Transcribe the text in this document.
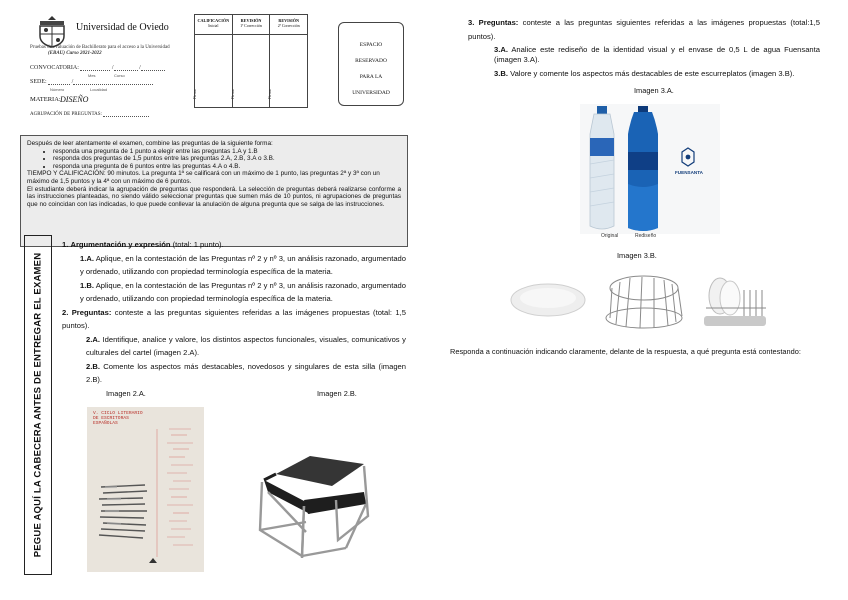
Universidad de Oviedo
Pruebas de evaluación de Bachillerato para el acceso a la Universidad
(EBAU) Curso 2021-2022
CONVOCATORIA:	/	/
Mes	Curso
SEDE:	/
Número	Localidad
MATERIA: DISEÑO
AGRUPACIÓN DE PREGUNTAS:
CALIFICACIÓN
Inicial
Firma
REVISIÓN
1ª Corrección
Firma
REVISIÓN
2ª Corrección
Firma
ESPACIO
RESERVADO
PARA LA
UNIVERSIDAD
Después de leer atentamente el examen, combine las preguntas de la siguiente forma:
• responda una pregunta de 1 punto a elegir entre las preguntas 1.A y 1.B
• responda dos preguntas de 1,5 puntos entre las preguntas 2.A, 2.B, 3.A o 3.B.
• responda una pregunta de 6 puntos entre las preguntas 4.A o 4.B.
TIEMPO Y CALIFICACIÓN: 90 minutos. La pregunta 1ª se calificará con un máximo de 1 punto, las preguntas 2ª y 3ª con un máximo de 1,5 puntos y la 4ª con un máximo de 6 puntos.
El estudiante deberá indicar la agrupación de preguntas que responderá. La selección de preguntas deberá realizarse conforme a las instrucciones planteadas, no siendo válido seleccionar preguntas que sumen más de 10 puntos, ni agrupaciones de preguntas que no coincidan con las indicadas, lo que puede conllevar la anulación de alguna pregunta que se salga de las instrucciones.
PEGUE AQUÍ LA CABECERA ANTES DE ENTREGAR EL EXAMEN
1. Argumentación y expresión (total: 1 punto).
1.A. Aplique, en la contestación de las Preguntas nº 2 y nº 3, un análisis razonado, argumentado y ordenado, utilizando con propiedad terminología específica de la materia.
1.B. Aplique, en la contestación de las Preguntas nº 2 y nº 3, un análisis razonado, argumentado y ordenado, utilizando con propiedad terminología específica de la materia.
2. Preguntas: conteste a las preguntas siguientes referidas a las imágenes propuestas (total: 1,5 puntos).
2.A. Identifique, analice y valore, los distintos aspectos funcionales, visuales, comunicativos y culturales del cartel (imagen 2.A).
2.B. Comente los aspectos más destacables, novedosos y singulares de esta silla (imagen 2.B).
Imagen 2.A.	Imagen 2.B.
V. CICLO LITERARIO
DE ESCRITORAS
ESPAÑOLAS
3. Preguntas: conteste a las preguntas siguientes referidas a las imágenes propuestas (total:1,5 puntos).
3.A. Analice este rediseño de la identidad visual y el envase de 0,5 L de agua Fuensanta (imagen 3.A).
3.B. Valore y comente los aspectos más destacables de este escurreplatos (imagen 3.B).
Imagen 3.A.
Original	Rediseño
FUENSANTA
Imagen 3.B.
Responda a continuación indicando claramente, delante de la respuesta, a qué pregunta está contestando:
